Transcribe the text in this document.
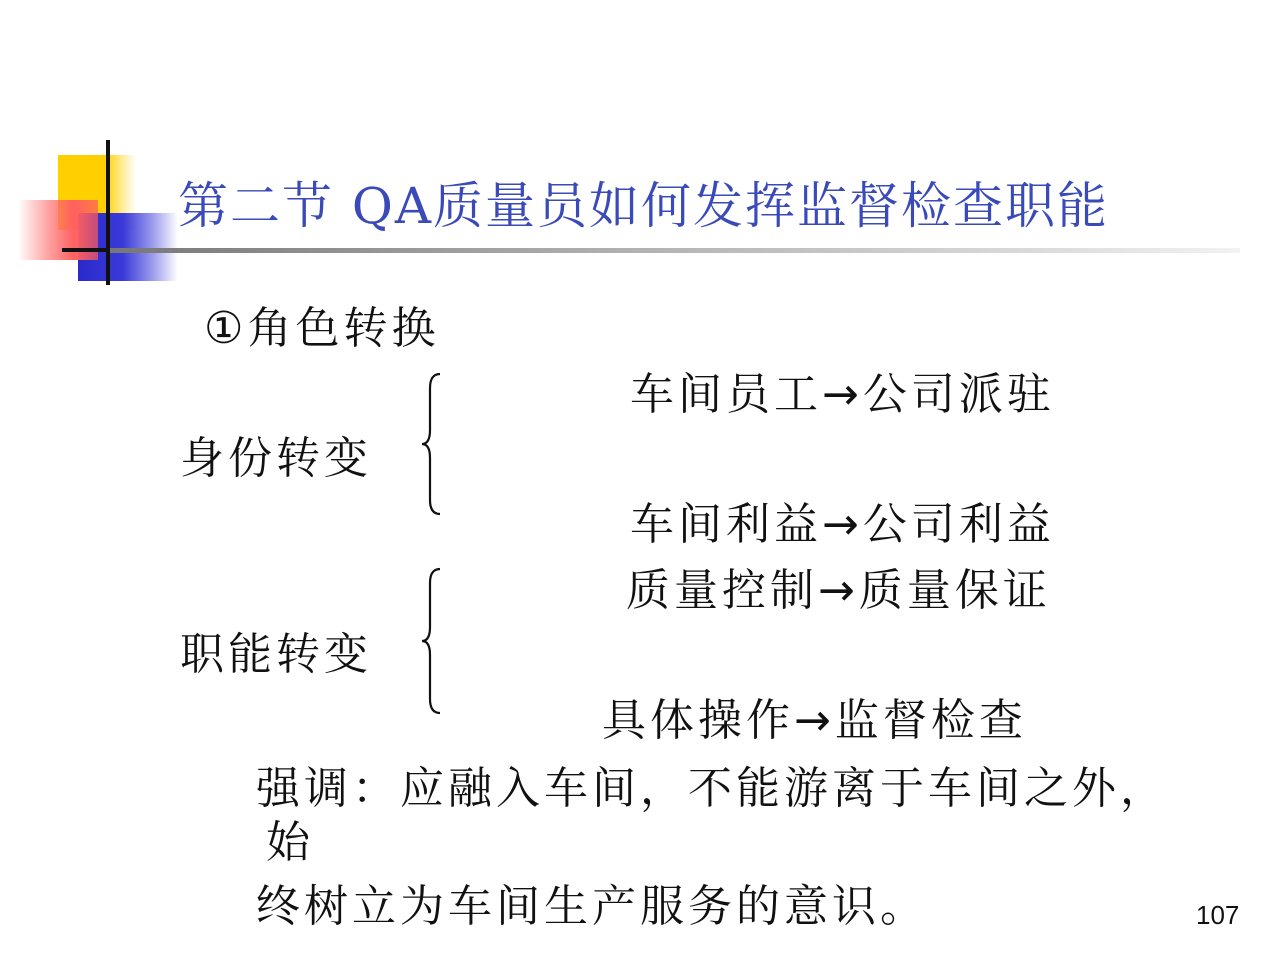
第二节 QA质量员如何发挥监督检查职能
①角色转换
身份转变
车间员工→公司派驻
车间利益→公司利益
职能转变
质量控制→质量保证
具体操作→监督检查
强调：应融入车间，不能游离于车间之外，
始
终树立为车间生产服务的意识。	107
